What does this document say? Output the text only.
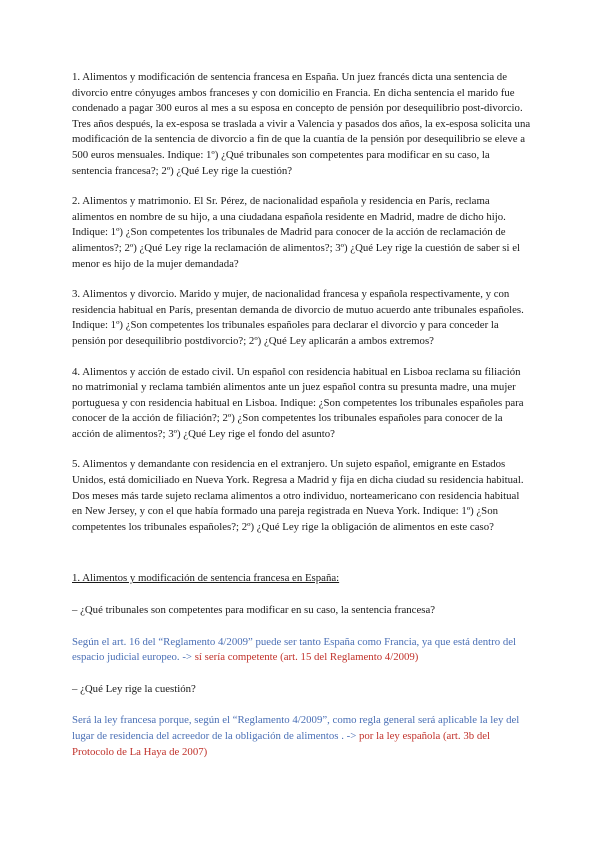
1. Alimentos y modificación de sentencia francesa en España. Un juez francés dicta una sentencia de divorcio entre cónyuges ambos franceses y con domicilio en Francia. En dicha sentencia el marido fue condenado a pagar 300 euros al mes a su esposa en concepto de pensión por desequilibrio post-divorcio. Tres años después, la ex-esposa se traslada a vivir a Valencia y pasados dos años, la ex-esposa solicita una modificación de la sentencia de divorcio a fin de que la cuantía de la pensión por desequilibrio se eleve a 500 euros mensuales. Indique: 1º) ¿Qué tribunales son competentes para modificar en su caso, la sentencia francesa?; 2º) ¿Qué Ley rige la cuestión?

2. Alimentos y matrimonio. El Sr. Pérez, de nacionalidad española y residencia en París, reclama alimentos en nombre de su hijo, a una ciudadana española residente en Madrid, madre de dicho hijo. Indique: 1º) ¿Son competentes los tribunales de Madrid para conocer de la acción de reclamación de alimentos?; 2º) ¿Qué Ley rige la reclamación de alimentos?; 3º) ¿Qué Ley rige la cuestión de saber si el menor es hijo de la mujer demandada?

3. Alimentos y divorcio. Marido y mujer, de nacionalidad francesa y española respectivamente, y con residencia habitual en París, presentan demanda de divorcio de mutuo acuerdo ante tribunales españoles. Indique: 1º) ¿Son competentes los tribunales españoles para declarar el divorcio y para conceder la pensión por desequilibrio postdivorcio?; 2º) ¿Qué Ley aplicarán a ambos extremos?

4. Alimentos y acción de estado civil. Un español con residencia habitual en Lisboa reclama su filiación no matrimonial y reclama también alimentos ante un juez español contra su presunta madre, una mujer portuguesa y con residencia habitual en Lisboa. Indique: ¿Son competentes los tribunales españoles para conocer de la acción de filiación?; 2º) ¿Son competentes los tribunales españoles para conocer de la acción de alimentos?; 3º) ¿Qué Ley rige el fondo del asunto?

5. Alimentos y demandante con residencia en el extranjero. Un sujeto español, emigrante en Estados Unidos, está domiciliado en Nueva York. Regresa a Madrid y fija en dicha ciudad su residencia habitual. Dos meses más tarde sujeto reclama alimentos a otro individuo, norteamericano con residencia habitual en New Jersey, y con el que había formado una pareja registrada en Nueva York. Indique: 1º) ¿Son competentes los tribunales españoles?; 2º) ¿Qué Ley rige la obligación de alimentos en este caso?

1. Alimentos y modificación de sentencia francesa en España:

– ¿Qué tribunales son competentes para modificar en su caso, la sentencia francesa?

Según el art. 16 del “Reglamento 4/2009” puede ser tanto España como Francia, ya que está dentro del espacio judicial europeo. -> sí sería competente (art. 15 del Reglamento 4/2009)

– ¿Qué Ley rige la cuestión?

Será la ley francesa porque, según el “Reglamento 4/2009”, como regla general será aplicable la ley del lugar de residencia del acreedor de la obligación de alimentos . -> por la ley española (art. 3b del Protocolo de La Haya de 2007)
